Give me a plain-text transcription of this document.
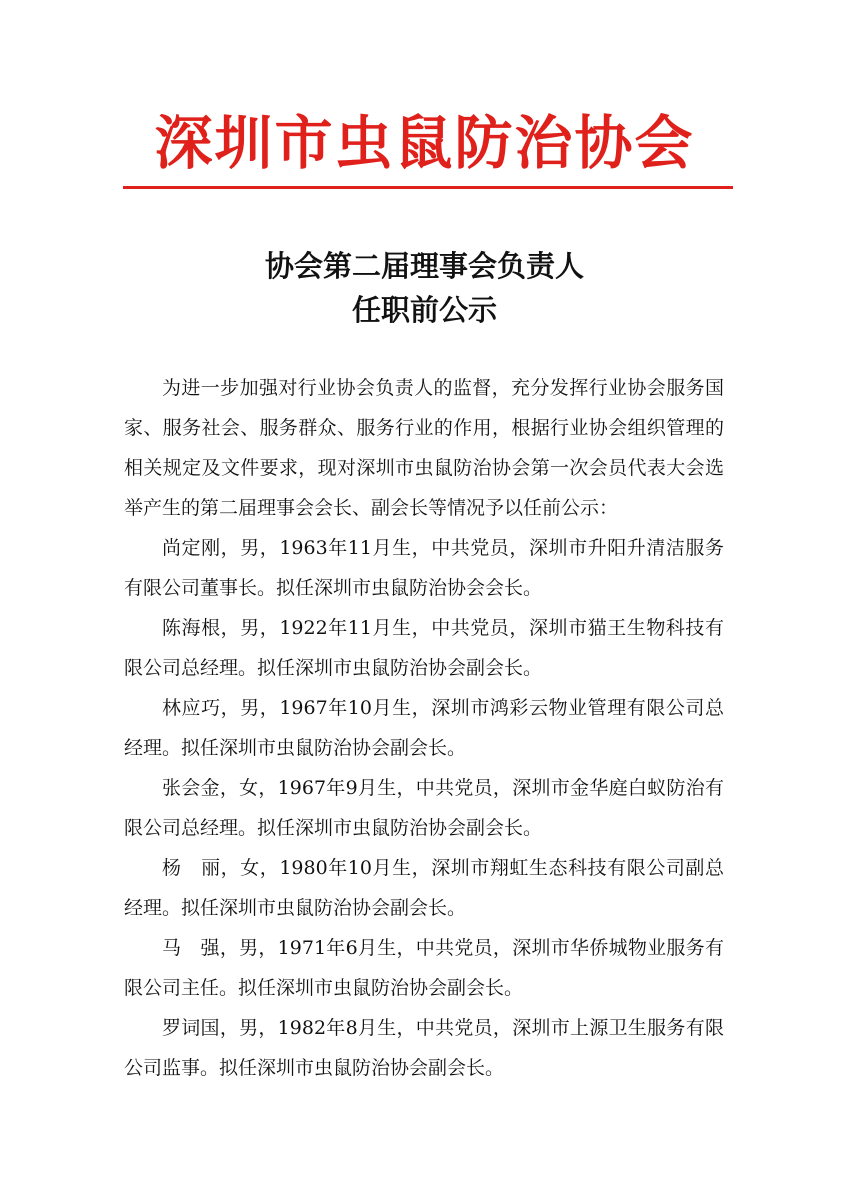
深圳市虫鼠防治协会
协会第二届理事会负责人
任职前公示

为进一步加强对行业协会负责人的监督，充分发挥行业协会服务国家、服务社会、服务群众、服务行业的作用，根据行业协会组织管理的相关规定及文件要求，现对深圳市虫鼠防治协会第一次会员代表大会选举产生的第二届理事会会长、副会长等情况予以任前公示：

尚定刚，男，1963年11月生，中共党员，深圳市升阳升清洁服务有限公司董事长。拟任深圳市虫鼠防治协会会长。

陈海根，男，1922年11月生，中共党员，深圳市猫王生物科技有限公司总经理。拟任深圳市虫鼠防治协会副会长。

林应巧，男，1967年10月生，深圳市鸿彩云物业管理有限公司总经理。拟任深圳市虫鼠防治协会副会长。

张会金，女，1967年9月生，中共党员，深圳市金华庭白蚁防治有限公司总经理。拟任深圳市虫鼠防治协会副会长。

杨　丽，女，1980年10月生，深圳市翔虹生态科技有限公司副总经理。拟任深圳市虫鼠防治协会副会长。

马　强，男，1971年6月生，中共党员，深圳市华侨城物业服务有限公司主任。拟任深圳市虫鼠防治协会副会长。

罗词国，男，1982年8月生，中共党员，深圳市上源卫生服务有限公司监事。拟任深圳市虫鼠防治协会副会长。
